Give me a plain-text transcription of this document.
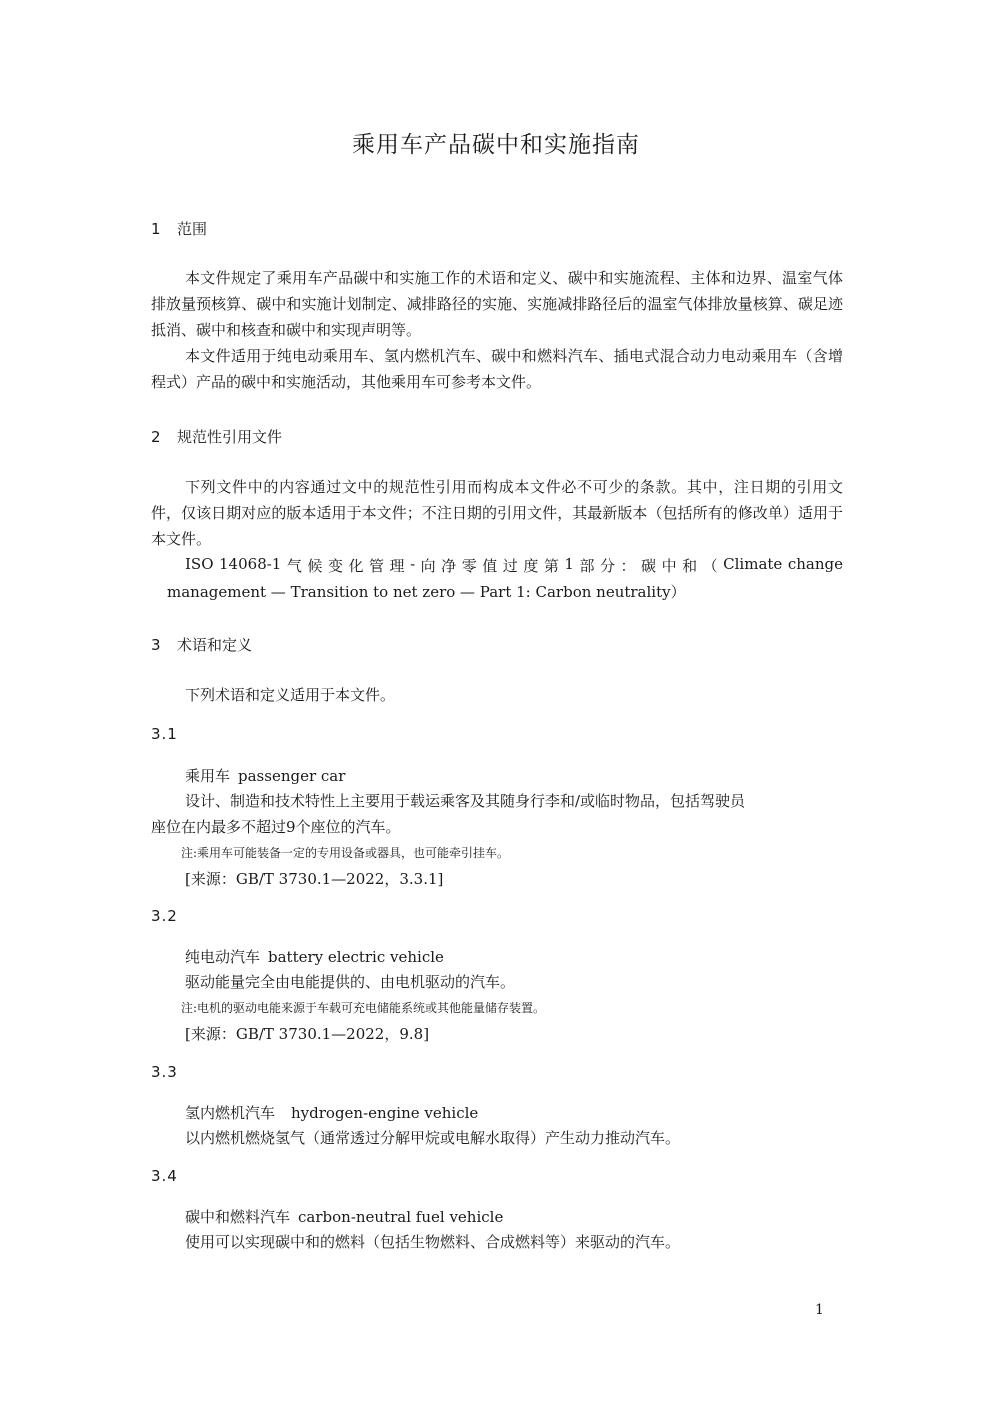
乘用车产品碳中和实施指南
1 范围
本文件规定了乘用车产品碳中和实施工作的术语和定义、碳中和实施流程、主体和边界、温室气体排放量预核算、碳中和实施计划制定、减排路径的实施、实施减排路径后的温室气体排放量核算、碳足迹抵消、碳中和核查和碳中和实现声明等。
本文件适用于纯电动乘用车、氢内燃机汽车、碳中和燃料汽车、插电式混合动力电动乘用车（含增程式）产品的碳中和实施活动，其他乘用车可参考本文件。
2 规范性引用文件
下列文件中的内容通过文中的规范性引用而构成本文件必不可少的条款。其中，注日期的引用文件，仅该日期对应的版本适用于本文件；不注日期的引用文件，其最新版本（包括所有的修改单）适用于本文件。
ISO 14068-1 气 候 变 化 管 理 - 向 净 零 值 过 度 第 1 部 分 ： 碳 中 和 （ Climate change
management — Transition to net zero — Part 1: Carbon neutrality）
3 术语和定义
下列术语和定义适用于本文件。
3.1
乘用车 passenger car
设计、制造和技术特性上主要用于载运乘客及其随身行李和/或临时物品，包括驾驶员
座位在内最多不超过9个座位的汽车。
注:乘用车可能装备一定的专用设备或器具，也可能牵引挂车。
[来源：GB/T 3730.1—2022，3.3.1]
3.2
纯电动汽车 battery electric vehicle
驱动能量完全由电能提供的、由电机驱动的汽车。
注:电机的驱动电能来源于车载可充电储能系统或其他能量储存装置。
[来源：GB/T 3730.1—2022，9.8]
3.3
氢内燃机汽车 hydrogen-engine vehicle
以内燃机燃烧氢气（通常透过分解甲烷或电解水取得）产生动力推动汽车。
3.4
碳中和燃料汽车 carbon-neutral fuel vehicle
使用可以实现碳中和的燃料（包括生物燃料、合成燃料等）来驱动的汽车。
1
